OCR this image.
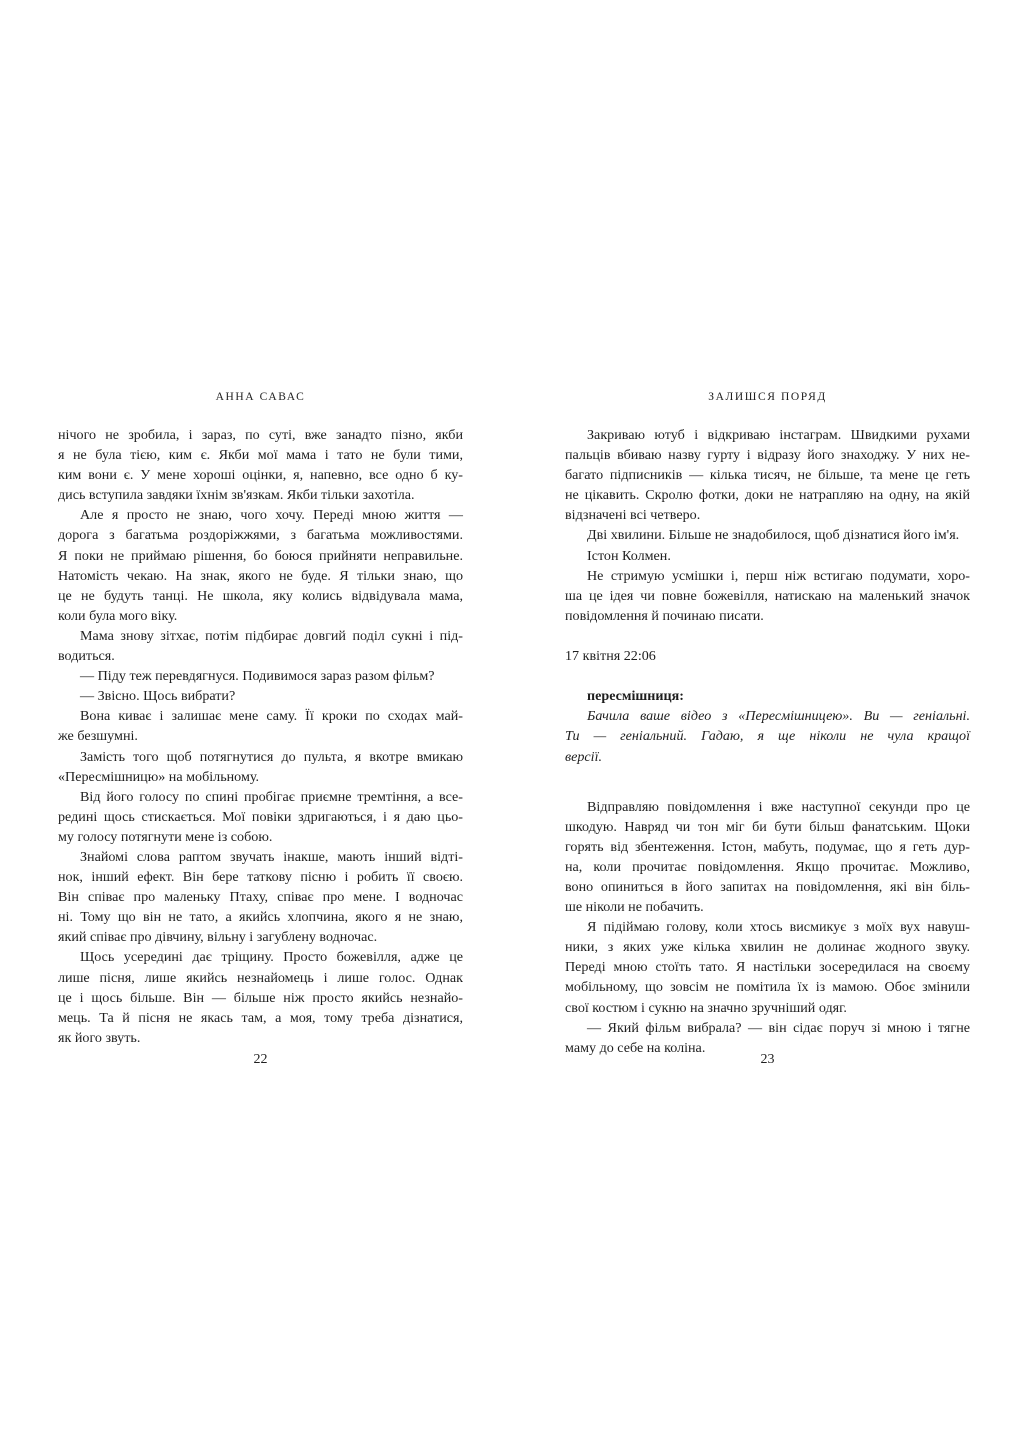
АННА САВАС

нічого не зробила, і зараз, по суті, вже занадто пізно, якби
я не була тією, ким є. Якби мої мама і тато не були тими,
ким вони є. У мене хороші оцінки, я, напевно, все одно б ку-
дись вступила завдяки їхнім зв'язкам. Якби тільки захотіла.

Але я просто не знаю, чого хочу. Переді мною життя —
дорога з багатьма роздоріжжями, з багатьма можливостями.
Я поки не приймаю рішення, бо боюся прийняти неправильне.
Натомість чекаю. На знак, якого не буде. Я тільки знаю, що
це не будуть танці. Не школа, яку колись відвідувала мама,
коли була мого віку.

Мама знову зітхає, потім підбирає довгий поділ сукні і під-
водиться.

— Піду теж перевдягнуся. Подивимося зараз разом фільм?

— Звісно. Щось вибрати?

Вона киває і залишає мене саму. Її кроки по сходах май-
же безшумні.

Замість того щоб потягнутися до пульта, я вкотре вмикаю
«Пересмішницю» на мобільному.

Від його голосу по спині пробігає приємне тремтіння, а все-
редині щось стискається. Мої повіки здригаються, і я даю цьо-
му голосу потягнути мене із собою.

Знайомі слова раптом звучать інакше, мають інший відті-
нок, інший ефект. Він бере таткову пісню і робить її своєю.
Він співає про маленьку Птаху, співає про мене. І водночас
ні. Тому що він не тато, а якийсь хлопчина, якого я не знаю,
який співає про дівчину, вільну і загублену водночас.

Щось усередині дає тріщину. Просто божевілля, адже це
лише пісня, лише якийсь незнайомець і лише голос. Однак
це і щось більше. Він — більше ніж просто якийсь незнайо-
мець. Та й пісня не якась там, а моя, тому треба дізнатися,
як його звуть.

22
ЗАЛИШСЯ ПОРЯД

Закриваю ютуб і відкриваю інстаграм. Швидкими рухами
пальців вбиваю назву гурту і відразу його знаходжу. У них не-
багато підписників — кілька тисяч, не більше, та мене це геть
не цікавить. Скролю фотки, доки не натрапляю на одну, на якій
відзначені всі четверо.

Дві хвилини. Більше не знадобилося, щоб дізнатися його ім'я.

Істон Колмен.

Не стримую усмішки і, перш ніж встигаю подумати, хоро-
ша це ідея чи повне божевілля, натискаю на маленький значок
повідомлення й починаю писати.

17 квітня 22:06

пересмішниця:

Бачила ваше відео з «Пересмішницею». Ви — геніальні.
Ти — геніальний. Гадаю, я ще ніколи не чула кращої
версії.

Відправляю повідомлення і вже наступної секунди про це
шкодую. Навряд чи тон міг би бути більш фанатським. Щоки
горять від збентеження. Істон, мабуть, подумає, що я геть дур-
на, коли прочитає повідомлення. Якщо прочитає. Можливо,
воно опиниться в його запитах на повідомлення, які він біль-
ше ніколи не побачить.

Я підіймаю голову, коли хтось висмикує з моїх вух навуш-
ники, з яких уже кілька хвилин не долинає жодного звуку.
Переді мною стоїть тато. Я настільки зосередилася на своєму
мобільному, що зовсім не помітила їх із мамою. Обоє змінили
свої костюм і сукню на значно зручніший одяг.

— Який фільм вибрала? — він сідає поруч зі мною і тягне
маму до себе на коліна.

23
